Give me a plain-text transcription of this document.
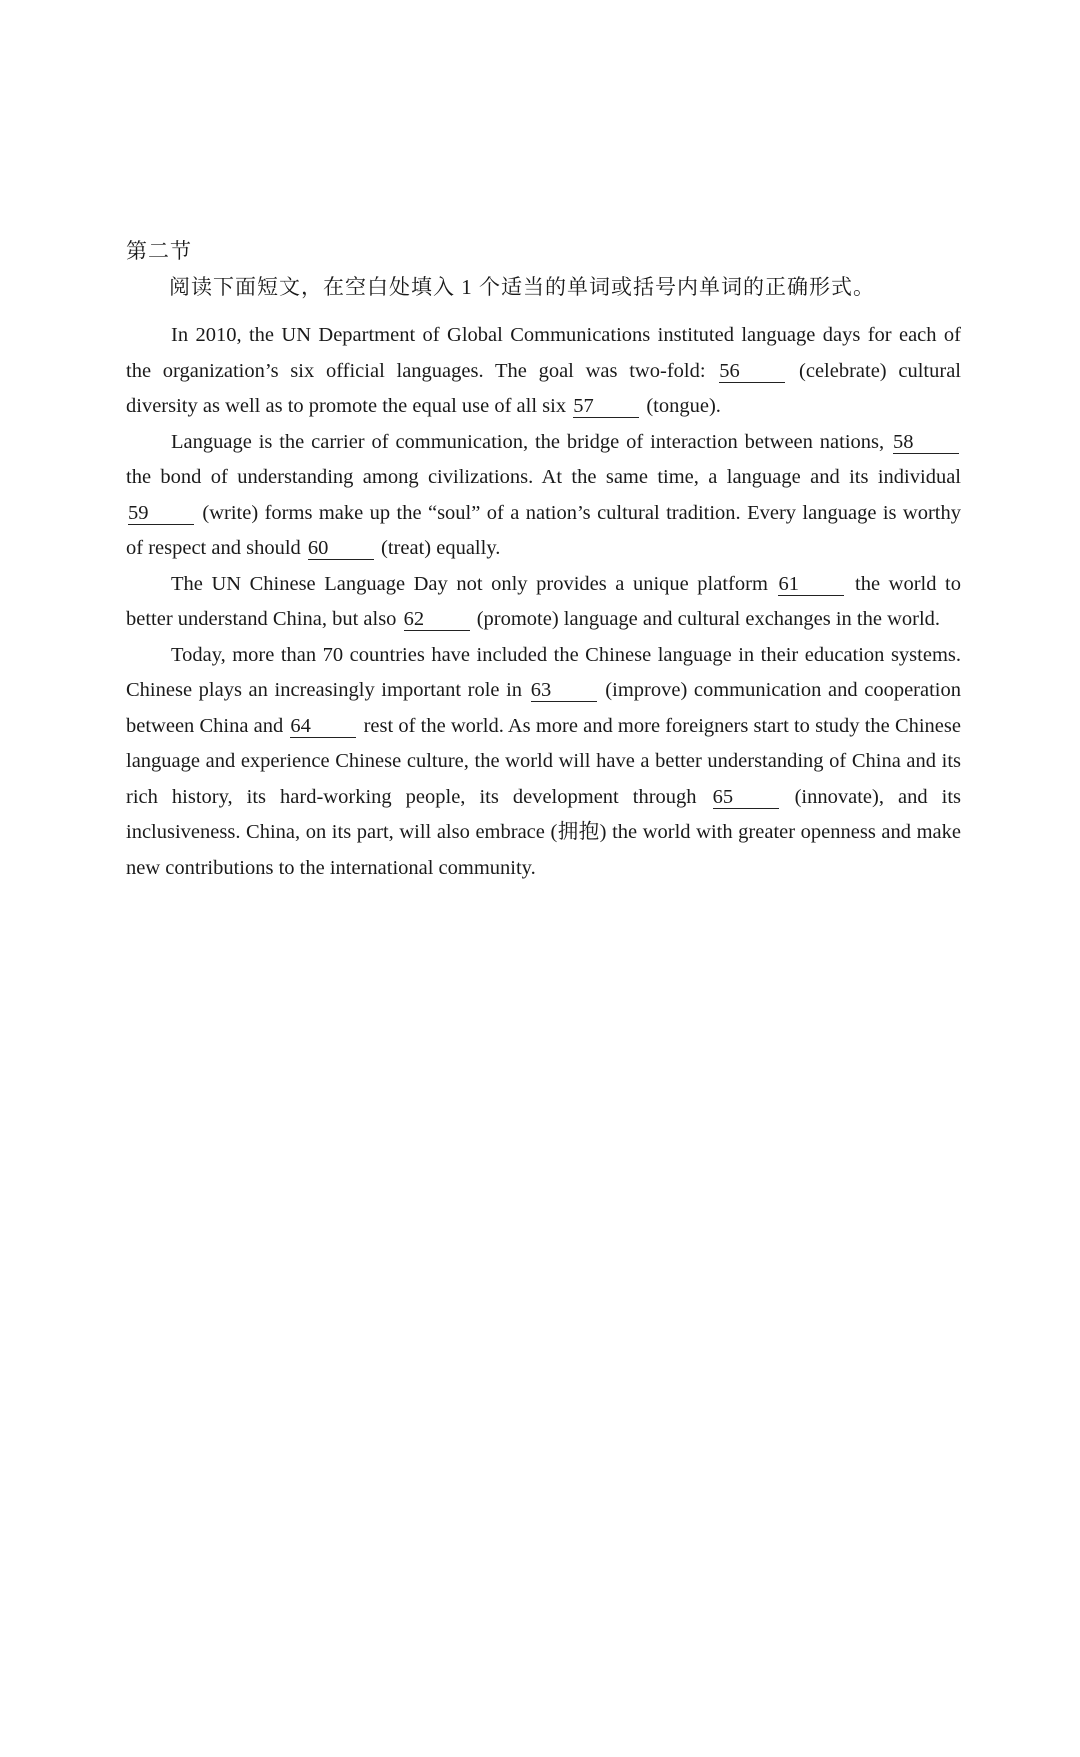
第二节

阅读下面短文，在空白处填入 1 个适当的单词或括号内单词的正确形式。

In 2010, the UN Department of Global Communications instituted language days for each of the organization’s six official languages. The goal was two-fold: 56 (celebrate) cultural diversity as well as to promote the equal use of all six 57 (tongue).

Language is the carrier of communication, the bridge of interaction between nations, 58 the bond of understanding among civilizations. At the same time, a language and its individual 59 (write) forms make up the “soul” of a nation’s cultural tradition. Every language is worthy of respect and should 60 (treat) equally.

The UN Chinese Language Day not only provides a unique platform 61 the world to better understand China, but also 62 (promote) language and cultural exchanges in the world.

Today, more than 70 countries have included the Chinese language in their education systems. Chinese plays an increasingly important role in 63 (improve) communication and cooperation between China and 64 rest of the world. As more and more foreigners start to study the Chinese language and experience Chinese culture, the world will have a better understanding of China and its rich history, its hard-working people, its development through 65 (innovate), and its inclusiveness. China, on its part, will also embrace (拥抱) the world with greater openness and make new contributions to the international community.
